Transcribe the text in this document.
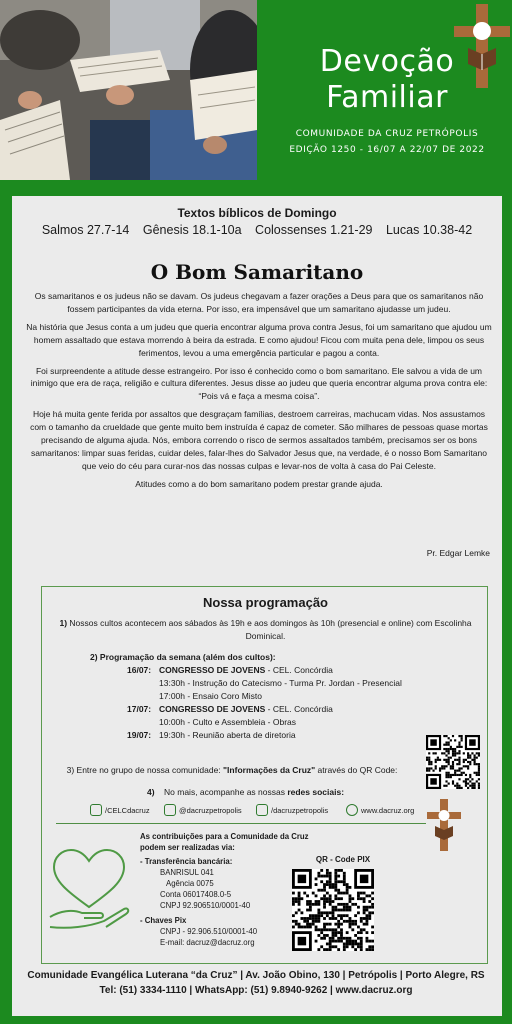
Devoção
Familiar
COMUNIDADE DA CRUZ PETRÓPOLIS
EDIÇÃO 1250 - 16/07 A 22/07 DE 2022
Textos bíblicos de Domingo
Salmos 27.7-14 Gênesis 18.1-10a Colossenses 1.21-29 Lucas 10.38-42
O Bom Samaritano

Os samaritanos e os judeus não se davam. Os judeus chegavam a fazer orações a Deus para que os samaritanos não fossem participantes da vida eterna. Por isso, era impensável que um samaritano ajudasse um judeu.

Na história que Jesus conta a um judeu que queria encontrar alguma prova contra Jesus, foi um samaritano que ajudou um homem assaltado que estava morrendo à beira da estrada. E como ajudou! Ficou com muita pena dele, limpou os seus ferimentos, levou a uma emergência particular e pagou a conta.

Foi surpreendente a atitude desse estrangeiro. Por isso é conhecido como o bom samaritano. Ele salvou a vida de um inimigo que era de raça, religião e cultura diferentes. Jesus disse ao judeu que queria encontrar alguma prova contra ele: “Pois vá e faça a mesma coisa”.

Hoje há muita gente ferida por assaltos que desgraçam famílias, destroem carreiras, machucam vidas. Nos assustamos com o tamanho da crueldade que gente muito bem instruída é capaz de cometer. São milhares de pessoas quase mortas precisando de alguma ajuda. Nós, embora correndo o risco de sermos assaltados também, precisamos ser os bons samaritanos: limpar suas feridas, cuidar deles, falar-lhes do Salvador Jesus que, na verdade, é o nosso Bom Samaritano que veio do céu para curar-nos das nossas culpas e levar-nos de volta à casa do Pai Celeste.

Atitudes como a do bom samaritano podem prestar grande ajuda.

Pr. Edgar Lemke
Nossa programação
1) Nossos cultos acontecem aos sábados às 19h e aos domingos às 10h (presencial e online) com Escolinha Dominical.
2) Programação da semana (além dos cultos):
16/07: CONGRESSO DE JOVENS - CEL. Concórdia
13:30h - Instrução do Catecismo - Turma Pr. Jordan - Presencial
17:00h - Ensaio Coro Misto
17/07: CONGRESSO DE JOVENS - CEL. Concórdia
10:00h - Culto e Assembleia - Obras
19/07: 19:30h - Reunião aberta de diretoria
3) Entre no grupo de nossa comunidade: "Informações da Cruz" através do QR Code:
4) No mais, acompanhe as nossas redes sociais:
/CELCdacruz	@dacruzpetropolis	/dacruzpetropolis	www.dacruz.org
As contribuições para a Comunidade da Cruz
podem ser realizadas via:
- Transferência bancária:
BANRISUL 041
Agência 0075
Conta 06017408.0-5
CNPJ 92.906510/0001-40
- Chaves Pix
CNPJ - 92.906.510/0001-40
E-mail: dacruz@dacruz.org
QR - Code PIX
Comunidade Evangélica Luterana “da Cruz” | Av. João Obino, 130 | Petrópolis | Porto Alegre, RS
Tel: (51) 3334-1110 | WhatsApp: (51) 9.8940-9262 | www.dacruz.org
